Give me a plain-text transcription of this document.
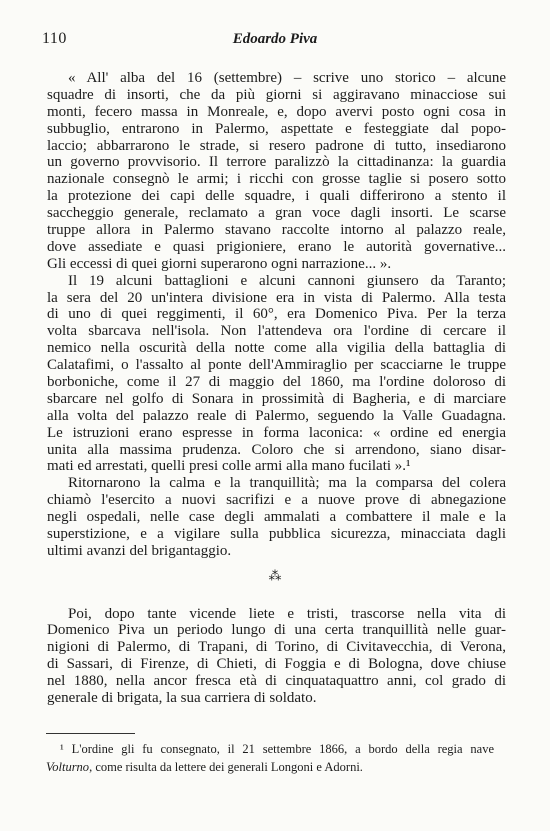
110	Edoardo Piva
« All' alba del 16 (settembre) – scrive uno storico – alcune
squadre di insorti, che da più giorni si aggiravano minacciose sui
monti, fecero massa in Monreale, e, dopo avervi posto ogni cosa in
subbuglio, entrarono in Palermo, aspettate e festeggiate dal popo-
laccio; abbarrarono le strade, si resero padrone di tutto, insediarono
un governo provvisorio. Il terrore paralizzò la cittadinanza: la guardia
nazionale consegnò le armi; i ricchi con grosse taglie si posero sotto
la protezione dei capi delle squadre, i quali differirono a stento il
saccheggio generale, reclamato a gran voce dagli insorti. Le scarse
truppe allora in Palermo stavano raccolte intorno al palazzo reale,
dove assediate e quasi prigioniere, erano le autorità governative...
Gli eccessi di quei giorni superarono ogni narrazione... ».
Il 19 alcuni battaglioni e alcuni cannoni giunsero da Taranto;
la sera del 20 un'intera divisione era in vista di Palermo. Alla testa
di uno di quei reggimenti, il 60°, era Domenico Piva. Per la terza
volta sbarcava nell'isola. Non l'attendeva ora l'ordine di cercare il
nemico nella oscurità della notte come alla vigilia della battaglia di
Calatafimi, o l'assalto al ponte dell'Ammiraglio per scacciarne le truppe
borboniche, come il 27 di maggio del 1860, ma l'ordine doloroso di
sbarcare nel golfo di Sonara in prossimità di Bagheria, e di marciare
alla volta del palazzo reale di Palermo, seguendo la Valle Guadagna.
Le istruzioni erano espresse in forma laconica: « ordine ed energia
unita alla massima prudenza. Coloro che si arrendono, siano disar-
mati ed arrestati, quelli presi colle armi alla mano fucilati ».¹
Ritornarono la calma e la tranquillità; ma la comparsa del colera
chiamò l'esercito a nuovi sacrifizi e a nuove prove di abnegazione
negli ospedali, nelle case degli ammalati a combattere il male e la
superstizione, e a vigilare sulla pubblica sicurezza, minacciata dagli
ultimi avanzi del brigantaggio.
⁂
Poi, dopo tante vicende liete e tristi, trascorse nella vita di
Domenico Piva un periodo lungo di una certa tranquillità nelle guar-
nigioni di Palermo, di Trapani, di Torino, di Civitavecchia, di Verona,
di Sassari, di Firenze, di Chieti, di Foggia e di Bologna, dove chiuse
nel 1880, nella ancor fresca età di cinquataquattro anni, col grado di
generale di brigata, la sua carriera di soldato.
¹ L'ordine gli fu consegnato, il 21 settembre 1866, a bordo della regia nave
Volturno, come risulta da lettere dei generali Longoni e Adorni.
